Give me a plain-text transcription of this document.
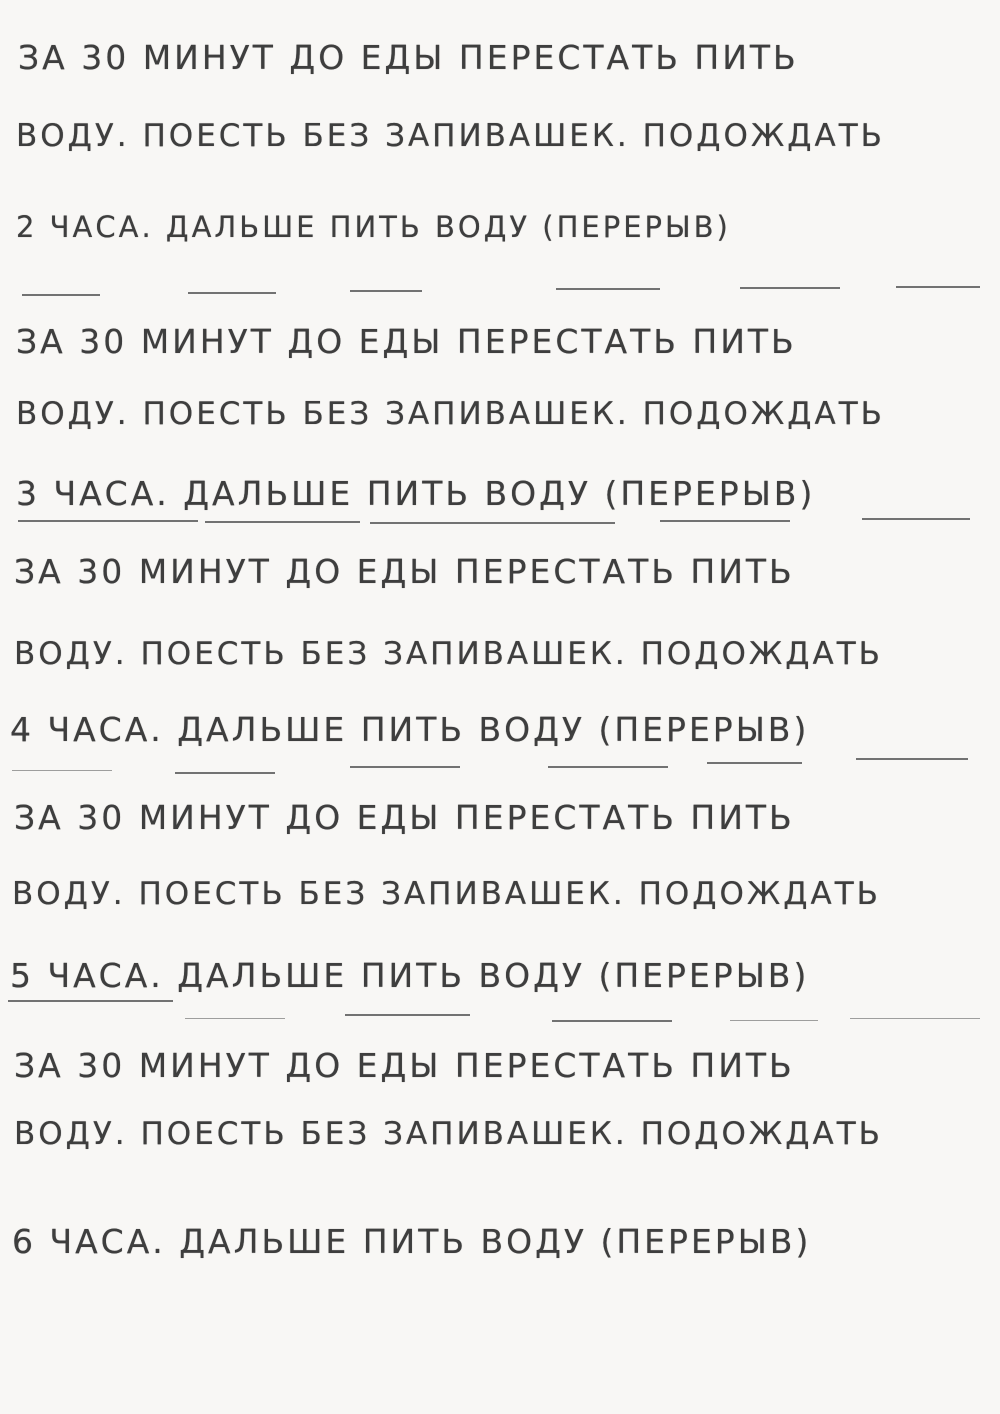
ЗА 30 МИНУТ ДО ЕДЫ ПЕРЕСТАТЬ ПИТЬ
ВОДУ. ПОЕСТЬ БЕЗ ЗАПИВАШЕК. ПОДОЖДАТЬ
2 ЧАСА. ДАЛЬШЕ ПИТЬ ВОДУ (ПЕРЕРЫВ)
ЗА 30 МИНУТ ДО ЕДЫ ПЕРЕСТАТЬ ПИТЬ
ВОДУ. ПОЕСТЬ БЕЗ ЗАПИВАШЕК. ПОДОЖДАТЬ
3 ЧАСА. ДАЛЬШЕ ПИТЬ ВОДУ (ПЕРЕРЫВ)
ЗА 30 МИНУТ ДО ЕДЫ ПЕРЕСТАТЬ ПИТЬ
ВОДУ. ПОЕСТЬ БЕЗ ЗАПИВАШЕК. ПОДОЖДАТЬ
4 ЧАСА. ДАЛЬШЕ ПИТЬ ВОДУ (ПЕРЕРЫВ)
ЗА 30 МИНУТ ДО ЕДЫ ПЕРЕСТАТЬ ПИТЬ
ВОДУ. ПОЕСТЬ БЕЗ ЗАПИВАШЕК. ПОДОЖДАТЬ
5 ЧАСА. ДАЛЬШЕ ПИТЬ ВОДУ (ПЕРЕРЫВ)
ЗА 30 МИНУТ ДО ЕДЫ ПЕРЕСТАТЬ ПИТЬ
ВОДУ. ПОЕСТЬ БЕЗ ЗАПИВАШЕК. ПОДОЖДАТЬ
6 ЧАСА. ДАЛЬШЕ ПИТЬ ВОДУ (ПЕРЕРЫВ)
